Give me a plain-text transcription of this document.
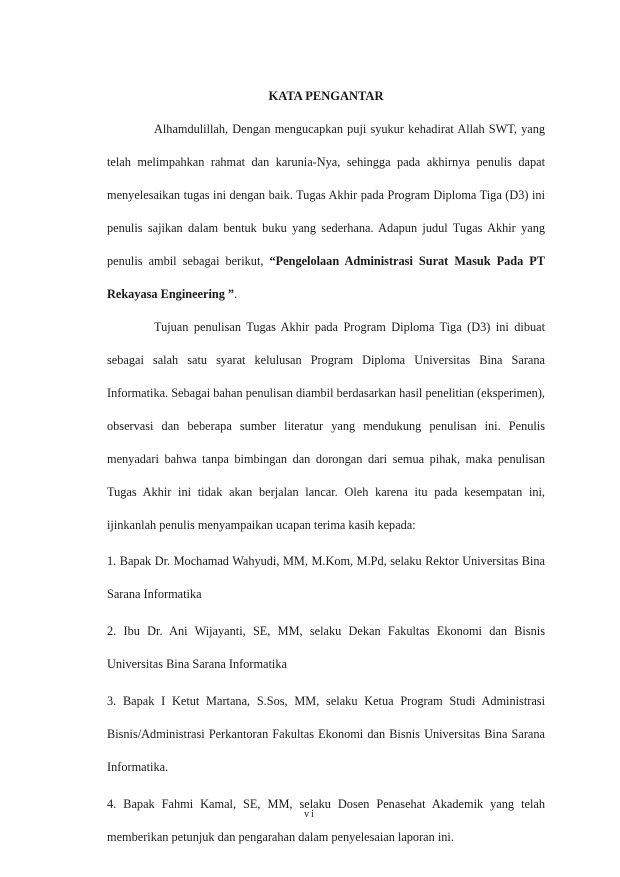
KATA PENGANTAR

Alhamdulillah, Dengan mengucapkan puji syukur kehadirat Allah SWT, yang telah melimpahkan rahmat dan karunia-Nya, sehingga pada akhirnya penulis dapat menyelesaikan tugas ini dengan baik. Tugas Akhir pada Program Diploma Tiga (D3) ini penulis sajikan dalam bentuk buku yang sederhana. Adapun judul Tugas Akhir yang penulis ambil sebagai berikut, “Pengelolaan Administrasi Surat Masuk Pada PT Rekayasa Engineering ”.

Tujuan penulisan Tugas Akhir pada Program Diploma Tiga (D3) ini dibuat sebagai salah satu syarat kelulusan Program Diploma Universitas Bina Sarana Informatika. Sebagai bahan penulisan diambil berdasarkan hasil penelitian (eksperimen), observasi dan beberapa sumber literatur yang mendukung penulisan ini. Penulis menyadari bahwa tanpa bimbingan dan dorongan dari semua pihak, maka penulisan Tugas Akhir ini tidak akan berjalan lancar. Oleh karena itu pada kesempatan ini, ijinkanlah penulis menyampaikan ucapan terima kasih kepada:

1. Bapak Dr. Mochamad Wahyudi, MM, M.Kom, M.Pd, selaku Rektor Universitas Bina Sarana Informatika

2. Ibu Dr. Ani Wijayanti, SE, MM, selaku Dekan Fakultas Ekonomi dan Bisnis Universitas Bina Sarana Informatika

3. Bapak I Ketut Martana, S.Sos, MM, selaku Ketua Program Studi Administrasi Bisnis/Administrasi Perkantoran Fakultas Ekonomi dan Bisnis Universitas Bina Sarana Informatika.

4. Bapak Fahmi Kamal, SE, MM, selaku Dosen Penasehat Akademik yang telah memberikan petunjuk dan pengarahan dalam penyelesaian laporan ini.

vi
